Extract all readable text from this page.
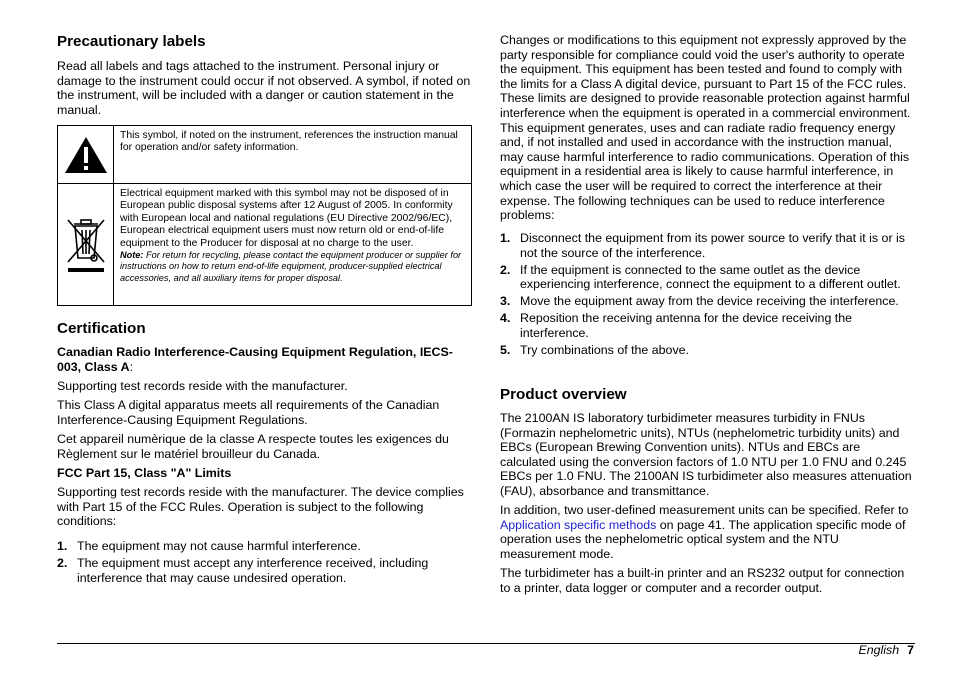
Precautionary labels

Read all labels and tags attached to the instrument. Personal injury or damage to the instrument could occur if not observed. A symbol, if noted on the instrument, will be included with a danger or caution statement in the manual.

This symbol, if noted on the instrument, references the instruction manual for operation and/or safety information.
Electrical equipment marked with this symbol may not be disposed of in European public disposal systems after 12 August of 2005. In conformity with European local and national regulations (EU Directive 2002/96/EC), European electrical equipment users must now return old or end-of-life equipment to the Producer for disposal at no charge to the user.
Note: For return for recycling, please contact the equipment producer or supplier for instructions on how to return end-of-life equipment, producer-supplied electrical accessories, and all auxiliary items for proper disposal.
Certification

Canadian Radio Interference-Causing Equipment Regulation, IECS-003, Class A:

Supporting test records reside with the manufacturer.

This Class A digital apparatus meets all requirements of the Canadian Interference-Causing Equipment Regulations.

Cet appareil numèrique de la classe A respecte toutes les exigences du Règlement sur le matériel brouilleur du Canada.

FCC Part 15, Class "A" Limits

Supporting test records reside with the manufacturer. The device complies with Part 15 of the FCC Rules. Operation is subject to the following conditions:

1. The equipment may not cause harmful interference.
2. The equipment must accept any interference received, including interference that may cause undesired operation.

Changes or modifications to this equipment not expressly approved by the party responsible for compliance could void the user's authority to operate the equipment. This equipment has been tested and found to comply with the limits for a Class A digital device, pursuant to Part 15 of the FCC rules. These limits are designed to provide reasonable protection against harmful interference when the equipment is operated in a commercial environment. This equipment generates, uses and can radiate radio frequency energy and, if not installed and used in accordance with the instruction manual, may cause harmful interference to radio communications. Operation of this equipment in a residential area is likely to cause harmful interference, in which case the user will be required to correct the interference at their expense. The following techniques can be used to reduce interference problems:

1. Disconnect the equipment from its power source to verify that it is or is not the source of the interference.
2. If the equipment is connected to the same outlet as the device experiencing interference, connect the equipment to a different outlet.
3. Move the equipment away from the device receiving the interference.
4. Reposition the receiving antenna for the device receiving the interference.
5. Try combinations of the above.
Product overview

The 2100AN IS laboratory turbidimeter measures turbidity in FNUs (Formazin nephelometric units), NTUs (nephelometric turbidity units) and EBCs (European Brewing Convention units). NTUs and EBCs are calculated using the conversion factors of 1.0 NTU per 1.0 FNU and 0.245 EBCs per 1.0 FNU. The 2100AN IS turbidimeter also measures attenuation (FAU), absorbance and transmittance.

In addition, two user-defined measurement units can be specified. Refer to Application specific methods on page 41. The application specific mode of operation uses the nephelometric optical system and the NTU measurement mode.

The turbidimeter has a built-in printer and an RS232 output for connection to a printer, data logger or computer and a recorder output.

English 7
